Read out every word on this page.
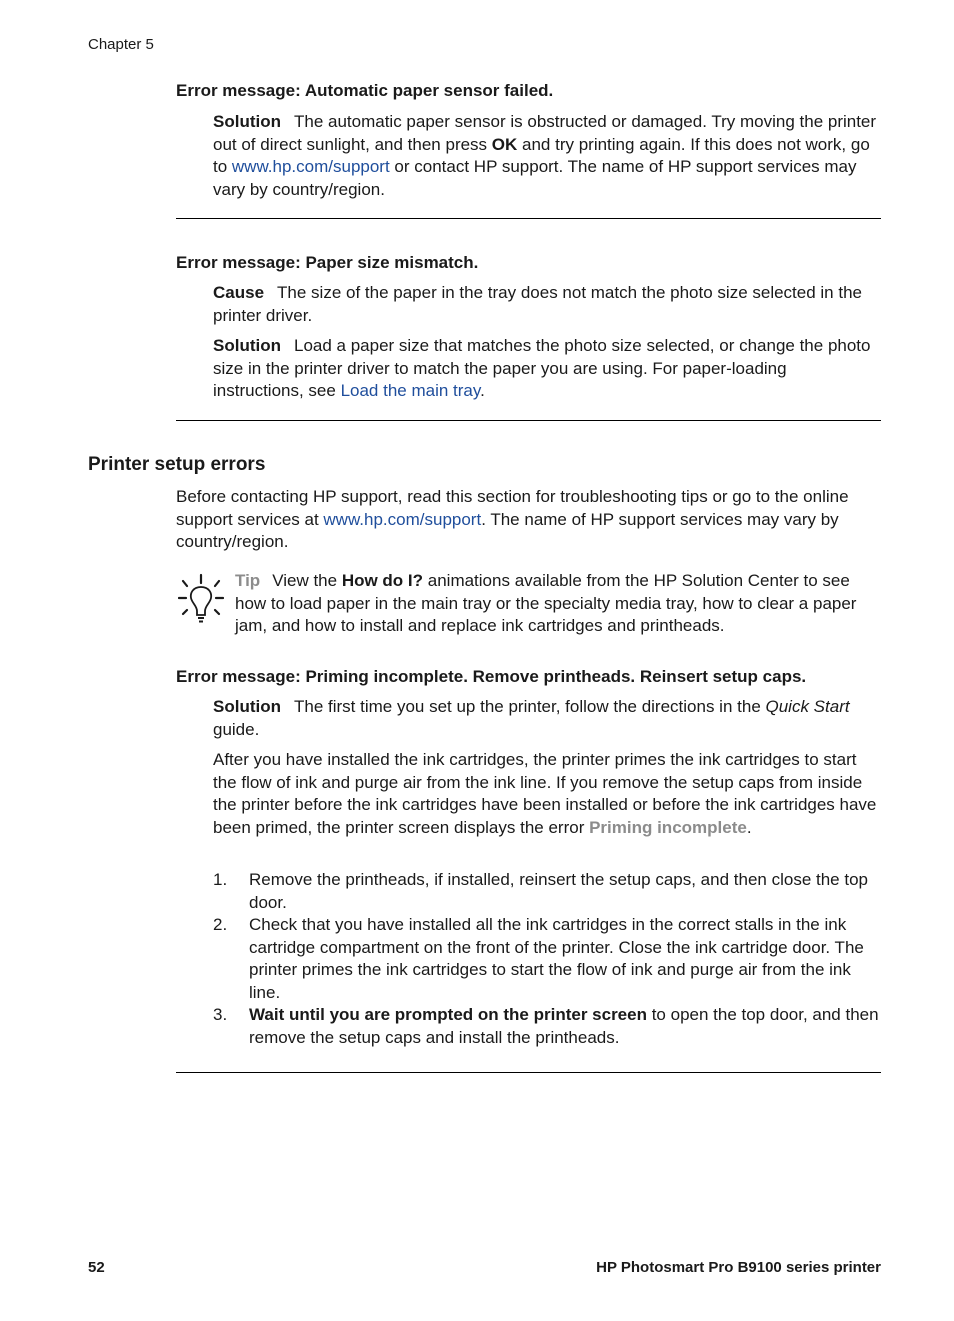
Chapter 5
Error message: Automatic paper sensor failed.
Solution The automatic paper sensor is obstructed or damaged. Try moving the printer out of direct sunlight, and then press OK and try printing again. If this does not work, go to www.hp.com/support or contact HP support. The name of HP support services may vary by country/region.
Error message: Paper size mismatch.
Cause The size of the paper in the tray does not match the photo size selected in the printer driver.
Solution Load a paper size that matches the photo size selected, or change the photo size in the printer driver to match the paper you are using. For paper-loading instructions, see Load the main tray.
Printer setup errors
Before contacting HP support, read this section for troubleshooting tips or go to the online support services at www.hp.com/support. The name of HP support services may vary by country/region.
Tip View the How do I? animations available from the HP Solution Center to see how to load paper in the main tray or the specialty media tray, how to clear a paper jam, and how to install and replace ink cartridges and printheads.
Error message: Priming incomplete. Remove printheads. Reinsert setup caps.
Solution The first time you set up the printer, follow the directions in the Quick Start guide.
After you have installed the ink cartridges, the printer primes the ink cartridges to start the flow of ink and purge air from the ink line. If you remove the setup caps from inside the printer before the ink cartridges have been installed or before the ink cartridges have been primed, the printer screen displays the error Priming incomplete.
1. Remove the printheads, if installed, reinsert the setup caps, and then close the top door.
2. Check that you have installed all the ink cartridges in the correct stalls in the ink cartridge compartment on the front of the printer. Close the ink cartridge door. The printer primes the ink cartridges to start the flow of ink and purge air from the ink line.
3. Wait until you are prompted on the printer screen to open the top door, and then remove the setup caps and install the printheads.
52	HP Photosmart Pro B9100 series printer
